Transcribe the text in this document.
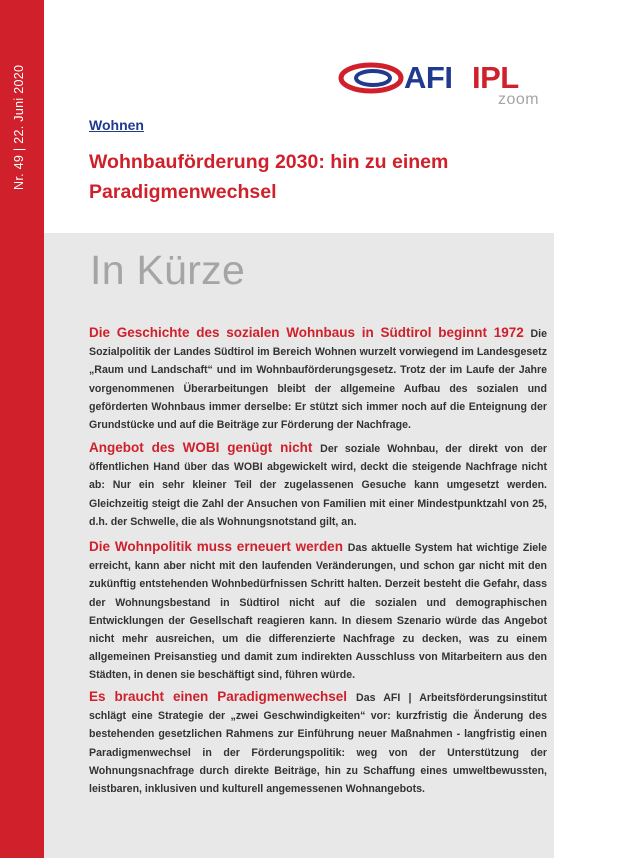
Nr. 49 | 22. Juni 2020	AFI IPL
zoom
Wohnen
Wohnbauförderung 2030: hin zu einem Paradigmenwechsel
In Kürze
Die Geschichte des sozialen Wohnbaus in Südtirol beginnt 1972 Die Sozialpolitik der Landes Südtirol im Bereich Wohnen wurzelt vorwiegend im Landesgesetz „Raum und Landschaft“ und im Wohnbauförderungsgesetz. Trotz der im Laufe der Jahre vorgenommenen Überarbeitungen bleibt der allgemeine Aufbau des sozialen und geförderten Wohnbaus immer derselbe: Er stützt sich immer noch auf die Enteignung der Grundstücke und auf die Beiträge zur Förderung der Nachfrage.
Angebot des WOBI genügt nicht Der soziale Wohnbau, der direkt von der öffentlichen Hand über das WOBI abgewickelt wird, deckt die steigende Nachfrage nicht ab: Nur ein sehr kleiner Teil der zugelassenen Gesuche kann umgesetzt werden. Gleichzeitig steigt die Zahl der Ansuchen von Familien mit einer Mindestpunktzahl von 25, d.h. der Schwelle, die als Wohnungsnotstand gilt, an.
Die Wohnpolitik muss erneuert werden Das aktuelle System hat wichtige Ziele erreicht, kann aber nicht mit den laufenden Veränderungen, und schon gar nicht mit den zukünftig entstehenden Wohnbedürfnissen Schritt halten. Derzeit besteht die Gefahr, dass der Wohnungsbestand in Südtirol nicht auf die sozialen und demographischen Entwicklungen der Gesellschaft reagieren kann. In diesem Szenario würde das Angebot nicht mehr ausreichen, um die differenzierte Nachfrage zu decken, was zu einem allgemeinen Preisanstieg und damit zum indirekten Ausschluss von Mitarbeitern aus den Städten, in denen sie beschäftigt sind, führen würde.
Es braucht einen Paradigmenwechsel Das AFI | Arbeitsförderungsinstitut schlägt eine Strategie der „zwei Geschwindigkeiten“ vor: kurzfristig die Änderung des bestehenden gesetzlichen Rahmens zur Einführung neuer Maßnahmen - langfristig einen Paradigmenwechsel in der Förderungspolitik: weg von der Unterstützung der Wohnungsnachfrage durch direkte Beiträge, hin zu Schaffung eines umweltbewussten, leistbaren, inklusiven und kulturell angemessenen Wohnangebots.
